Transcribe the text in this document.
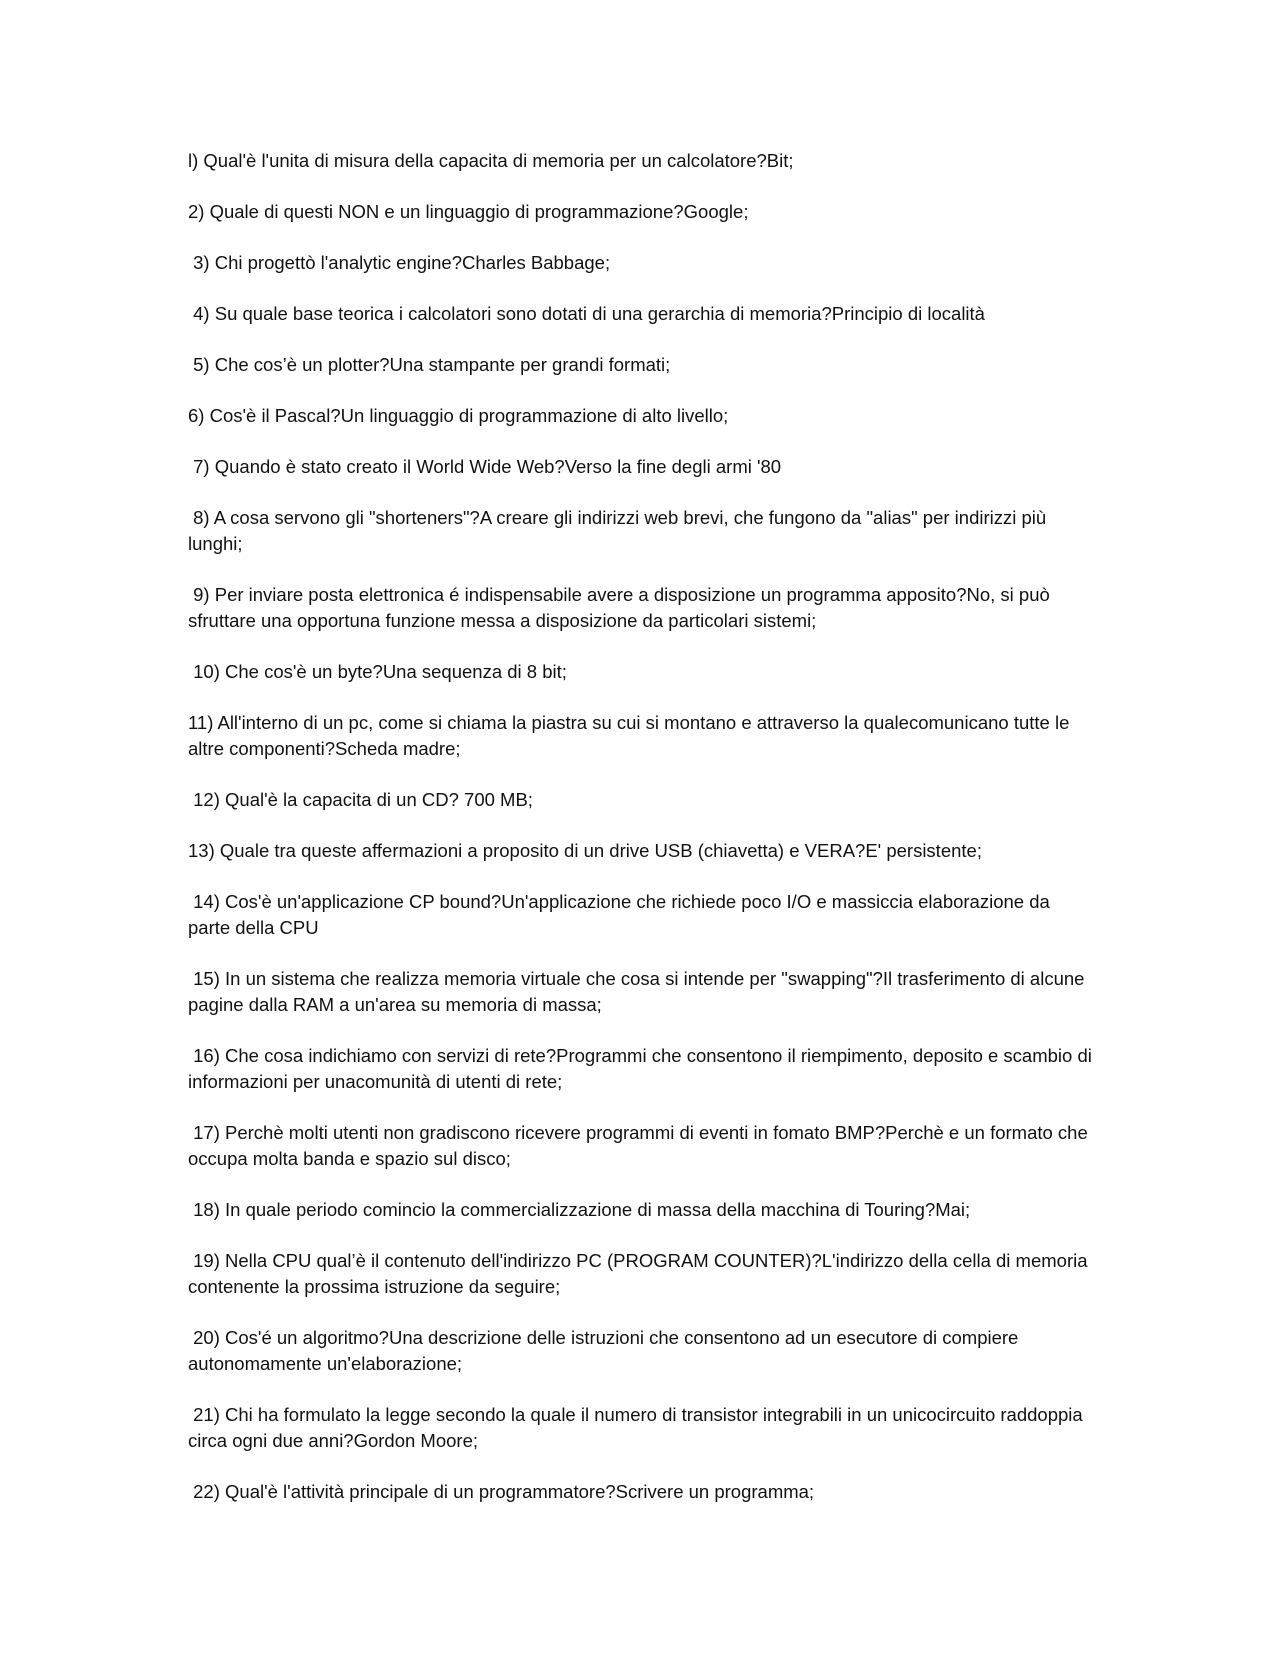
l) Qual'è l'unita di misura della capacita di memoria per un calcolatore?Bit;

2) Quale di questi NON e un linguaggio di programmazione?Google;

3) Chi progettò l'analytic engine?Charles Babbage;

4) Su quale base teorica i calcolatori sono dotati di una gerarchia di memoria?Principio di località

5) Che cos’è un plotter?Una stampante per grandi formati;

6) Cos'è il Pascal?Un linguaggio di programmazione di alto livello;

7) Quando è stato creato il World Wide Web?Verso la fine degli armi '80

8) A cosa servono gli "shorteners"?A creare gli indirizzi web brevi, che fungono da "alias" per indirizzi più lunghi;

9) Per inviare posta elettronica é indispensabile avere a disposizione un programma apposito?No, si può sfruttare una opportuna funzione messa a disposizione da particolari sistemi;

10) Che cos'è un byte?Una sequenza di 8 bit;

11) All'interno di un pc, come si chiama la piastra su cui si montano e attraverso la qualecomunicano tutte le altre componenti?Scheda madre;

12) Qual'è la capacita di un CD? 700 MB;

13) Quale tra queste affermazioni a proposito di un drive USB (chiavetta) e VERA?E' persistente;

14) Cos'è un'applicazione CP bound?Un'applicazione che richiede poco I/O e massiccia elaborazione da parte della CPU

15) In un sistema che realizza memoria virtuale che cosa si intende per "swapping"?Il trasferimento di alcune pagine dalla RAM a un'area su memoria di massa;

16) Che cosa indichiamo con servizi di rete?Programmi che consentono il riempimento, deposito e scambio di informazioni per unacomunità di utenti di rete;

17) Perchè molti utenti non gradiscono ricevere programmi di eventi in fomato BMP?Perchè e un formato che occupa molta banda e spazio sul disco;

18) In quale periodo comincio la commercializzazione di massa della macchina di Touring?Mai;

19) Nella CPU qual’è il contenuto dell'indirizzo PC (PROGRAM COUNTER)?L'indirizzo della cella di memoria contenente la prossima istruzione da seguire;

20) Cos'é un algoritmo?Una descrizione delle istruzioni che consentono ad un esecutore di compiere autonomamente un'elaborazione;

21) Chi ha formulato la legge secondo la quale il numero di transistor integrabili in un unicocircuito raddoppia circa ogni due anni?Gordon Moore;

22) Qual'è l'attività principale di un programmatore?Scrivere un programma;
